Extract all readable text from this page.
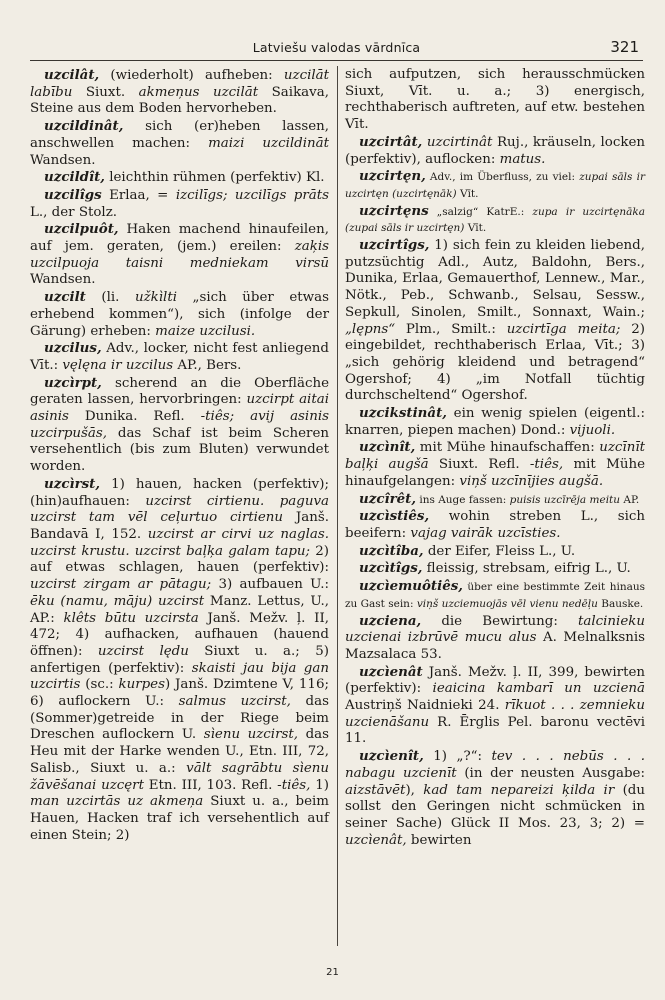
Latviešu valodas vārdnīca	321

uzcilât, (wiederholt) aufheben: uzcilāt labību Siuxt. akmeņus uzcilāt Saikava, Steine aus dem Boden hervorheben.

uzcildinât, sich (er)heben lassen, anschwellen machen: maizi uzcildināt Wandsen.

uzcildît, leichthin rühmen (perfektiv) Kl.

uzcilîgs Erlaa, = izcilīgs; uzcilīgs prāts L., der Stolz.

uzcilpuôt, Haken machend hinaufeilen, auf jem. geraten, (jem.) ereilen: zaķis uzcilpuoja taisni medniekam virsū Wandsen.

uzcilt (li. užkìlti „sich über etwas erhebend kommen“), sich (infolge der Gärung) erheben: maize uzcilusi.

uzcilus, Adv., locker, nicht fest anliegend Vīt.: vęlęna ir uzcilus AP., Bers.

uzcìrpt, scherend an die Oberfläche geraten lassen, hervorbringen: uzcirpt aitai asinis Dunika. Refl. -tiês; avij asinis uzcirpušās, das Schaf ist beim Scheren versehentlich (bis zum Bluten) verwundet worden.

uzcìrst, 1) hauen, hacken (perfektiv); (hin)aufhauen: uzcirst cirtienu. paguva uzcirst tam vēl ceļurtuo cirtienu Janš. Bandavā I, 152. uzcirst ar cirvi uz naglas. uzcirst krustu. uzcirst baļķa galam tapu; 2) auf etwas schlagen, hauen (perfektiv): uzcirst zirgam ar pātagu; 3) aufbauen U.: ēku (namu, māju) uzcirst Manz. Lettus, U., AP.: klêts būtu uzcirsta Janš. Mežv. ļ. II, 472; 4) aufhacken, aufhauen (hauend öffnen): uzcirst lędu Siuxt u. a.; 5) anfertigen (perfektiv): skaisti jau bija gan uzcirtis (sc.: kurpes) Janš. Dzimtene V, 116; 6) auflockern U.: salmus uzcirst, das (Sommer)getreide in der Riege beim Dreschen auflockern U. sìenu uzcirst, das Heu mit der Harke wenden U., Etn. III, 72, Salisb., Siuxt u. a.: vālt sagrābtu sìenu žāvēšanai uzcęrt Etn. III, 103. Refl. -tiês, 1) man uzcirtās uz akmeņa Siuxt u. a., beim Hauen, Hacken traf ich versehentlich auf einen Stein; 2)

sich aufputzen, sich herausschmücken Siuxt, Vīt. u. a.; 3) energisch, rechthaberisch auftreten, auf etw. bestehen Vīt.

uzcirtât, uzcirtinât Ruj., kräuseln, locken (perfektiv), auflocken: matus.

uzcirtęn, Adv., im Überfluss, zu viel: zupai sāls ir uzcirtęn (uzcirtęnāk) Vīt.

uzcirtęns „salzig“ KatrE.: zupa ir uzcirtęnāka (zupai sāls ir uzcirtęn) Vīt.

uzcirtîgs, 1) sich fein zu kleiden liebend, putzsüchtig Adl., Autz, Baldohn, Bers., Dunika, Erlaa, Gemauerthof, Lennew., Mar., Nötk., Peb., Schwanb., Selsau, Sessw., Sepkull, Sinolen, Smilt., Sonnaxt, Wain.; „lępns“ Plm., Smilt.: uzcirtīga meita; 2) eingebildet, rechthaberisch Erlaa, Vīt.; 3) „sich gehörig kleidend und betragend“ Ogershof; 4) „im Notfall tüchtig durchscheltend“ Ogershof.

uzcikstinât, ein wenig spielen (eigentl.: knarren, piepen machen) Dond.: vijuoli.

uzcìnît, mit Mühe hinaufschaffen: uzcīnīt baļķi augšā Siuxt. Refl. -tiês, mit Mühe hinaufgelangen: viņš uzcīnījies augšā.

uzcîrêt, ins Auge fassen: puisis uzcīrēja meitu AP.

uzcìstiês, wohin streben L., sich beeifern: vajag vairāk uzcīsties.

uzcìtîba, der Eifer, Fleiss L., U.

uzcìtîgs, fleissig, strebsam, eifrig L., U.

uzcìemuôtiês, über eine bestimmte Zeit hinaus zu Gast sein: viņš uzciemuojās vēl vienu nedēļu Bauske.

uzciena, die Bewirtung: talcinieku uzcienai izbrūvē mucu alus A. Melnalksnis Mazsalaca 53.

uzcìenât Janš. Mežv. ļ. II, 399, bewirten (perfektiv): ieaicina kambarī un uzcienā Austriņš Naidnieki 24. rīkuot . . . zemnieku uzcienāšanu R. Ērglis Pel. baronu vectēvi 11.

uzcìenît, 1) „?“: tev . . . nebūs . . . nabagu uzcienīt (in der neusten Ausgabe: aizstāvēt), kad tam nepareizi ķilda ir (du sollst den Geringen nicht schmücken in seiner Sache) Glück II Mos. 23, 3; 2) = uzcìenât, bewirten

21
